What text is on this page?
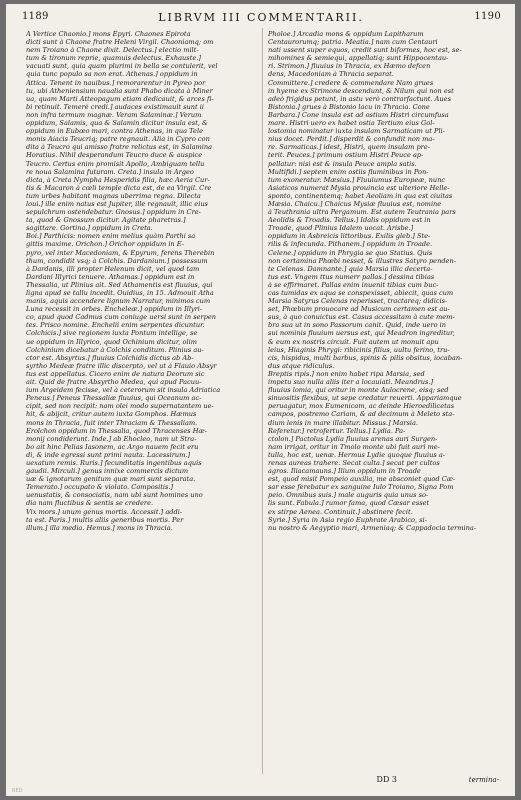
1189	LIBRVM III COMMENTARII.	1190

A Vertice Chaonio.] mons Epyri. Chaones Epirota

dicti sunt à Chaone fratre Heleni Virgil. Chaoniamq; om

nem Troiano à Chaone dixit. Delectus.] electio milt-

tum & tironum reprie, quamuis delectus. Exhauste.]

vacuati sunt, quia quam plurimi in bella se contulerit, vel

quia tunc populo sa non erat. Athenas.] oppidum in

Attica. Tenent in nauibus.] remorarentur in Pyreo por

tu, ubi Atheniensium naualia sunt Phabo dicata à Miner

ua, quam Marti Atteopagum etiam dedicauit, & arces fi-

bi retinuit. Temerè credi.] audaces existimauit sunt ii

non infra termum magnæ. Veram Salaminæ.] Verum

oppidum, Salamis, qua & Salamin dicitur insula est, &

oppidum in Eubœo mari, contra Athenas, in qua Tele

monis Aiacis Teucriq; patre regnauit. Alia in Cypro con

dita à Teucro qui amisso fratre relictus est, in Salamina

Horatius. Nihil desperandum Teucro duce & auspice

Teucro. Certus enim promisit Apollo, Ambiguam tellu

re noua Salamina futuram. Creta.] insula in Argeo

dicta, à Creta Nympha Hesperidis filia, hæc Aeria Cur-

tis & Macaron à cœli temple dicta est, de ea Virgil. Cre

tum urbes habitant magnas uberrima regna. Dilecta

loui.] ille enim natus est Jupiter, ille regnauit, illic eius

sepulchrum ostendebatur. Gnosus.] oppidum in Cre-

ta, quod & Gnossum dicitur. Agitate pharetras.]

sagittare. Gortina.] oppidum in Creta.

Boi.] Parthicis: nomen enim melius quàm Parthi sa

gittis maxime. Orichon.] Orichor oppidum in E-

pyro, vel inter Macedoniam, & Epyrum, ferens Therebin

thum, condidit vsq; à Colchis. Dardanium.] possessum

à Dardanis, illi propter Helenum dicit, vel quod tam

Dardani Illyrici tenuere. Athamas.] oppidum est in

Thessalia, ut Plinius ait. Sed Athamentis est fluuius, qui

ligna apud se tallu incedit. Ouidius, in 15. Admouit Atha

manis, aquis accendere lignum Narratur, minimos cum

Luna recessit in orbes. Encheleæ.] oppidum in Illyri-

co, apud quod Cadmus cum coniuge uersi sunt in serpen

tes. Prisco nomine. Enchelii enim serpentes dicuntur.

Colchicis.] sive regionem iuxta Pontum intellige, se

ue oppidum in Illyrico, quod Ochinium dicitur, olim

Colchinium dicebatur à Colchis conditum. Plinius au-

ctor est. Absyrtus.] fluuius Colchidis dictus ab Ab-

syrtho Medeæ fratre illic discerpto, vel ut à Flauio Absyr

tus est appellatus. Cicero enim de natura Deorum sic

ait. Quid de fratre Absyrtho Medea, qui apud Pacuu-

ium Argeidem fecisse, vel à ceterorum sit insula Adriatica

Peneus.] Peneus Thessaliæ fluuius, qui Oceanum ac-

cipit, sed non recipit: nam olei modo supernatantem ue-

hit, & abijcit, critur autem iuxta Gomphos. Hæmus

mons in Thracia, fuit inter Thraciam & Thessaliam.

Erolchon oppidum in Thessalia, quod Thracenses Hæ-

monij condiderunt. Inde.] ab Ehocleo, nam ut Stra-

bo ait hinc Pelias Iasonem, ac Argo nauem fecit eru

di, & inde egressi sunt primi nauta. Lacessirum.]

uexatum remis. Ruris.] fecunditatis ingentibus aquis

gaudii. Mirculi.] genus innixe commercis dictum

uæ & ignotarum genitum quæ mari sunt separata.

Temerato.] occupato & violato. Compositis.]

uenustatis, & consociatis, nam ubi sunt homines uno

dia nam fluctibus & sentis se credere.

Vix mors.] unum genus mortis. Accessit.] addi-

ta est. Paris.] multis aliis generibus mortis. Per

illum.] illa media. Hemus.] mons in Thracia.

Pholoe.] Arcadia mons & oppidum Lapitharum

Centaurorumq; patria. Meatia.] nam cum Centauri

nati ussent super equos, credit sunt biformes, hoc est, se-

mihomines & semiequi, appellatiq; sunt Hippocentau-

ri. Strimon.] fluuius in Thracia, ex Hæmo defcen

dens, Macedoniam à Thracia separat.

Committere.] credere & commendare Nam grues

in hyeme ex Strimone descendunt, & Nilum qui non est

adeò frigidus petunt, in astu verò contrarfactunt. Aues

Bistonia.] grues à Bistonio lacu in Thracia. Cone

Barbara.] Cone insula est ad ostium Histri circumfusa

mare. Histri uero ex habet ostia Tertium eius Gol-

lostomia nominatur iuxta insulam Sarmaticam ut Pli-

nius docet. Perdit.] disperdit & confundit non ma-

re. Sarmaticas.] idest, Histri, quem insulam pre-

terit. Peuces.] primum ostium Histri Peuce ap-

pellatur: nisi est & insula Peuce ampla satis.

Multifidi.] septem enim ostiis fluminibus in Pon-

tum exoneratur. Mæsius.] Fluuiumus Europeæ, nunc

Asiaticos numerat Mysia prouincia est ulteriore Helle-

sponto, continentemq; habet Aeoliam in qua est ciuitas

Mæsia. Chaicu.] Chaicus Mysiæ fluuius est, nomine

à Teuthrania ultra Pergamum. Est autem Teutrania pars

Aeolidis & Troadis. Tellus.] Idalis oppidum est in

Troade, quod Plinius Idalem uocat. Arisbe.]

oppidum in Asbreicis littoribus. Exilis gleb.] Ste-

rilis & infecunda. Pithanem.] oppidum in Troade.

Celene.] oppidum in Phrygia se quo Statius. Quis

non certamina Phœbi nesset, & illustres Satyro penden-

te Celenas. Damnante.] quia Marsia illic decerta-

tus est. Vngem ttus numerr pallas.] dessina tibias

à se effirmaret. Pallas enim inuenit tibias cum buc-

cas tumidas ex aqua se conspexisset, abiecit, quas cum

Marsia Satyrus Celenas reperisset, tractareq; didicis-

set, Phœbum prouocare ad Musicum certamen est au-

sus, à quo conuictus est. Casus accessitam à cute mem-

bra sua ut in sono Passorum canit. Quid, inde uero in

sui nominis fluuium uersus est, qui Meadron ingreditur,

& eum ex nostris circuit. Fuit autem ut monuit apu

leius, Hiaginis Phrygi: ribicinis filius, uultu ferino, tru-

cis, hispidus, multi barbus, spinis & pilis obsitus, iocaban-

dus atque ridiculus.

Breptis ripis.] non enim habet ripa Marsia, sed

impetu suo nulla aliis iter a locauiati. Meandrus.]

fluuius lomia, qui oritur in monte Aulocrene, eisq; sed

sinuositis flexibus, ut sepe credatur reuerti. Appariamque

peruagatur, mox Eumenicam, ac deinde Hieroedilicetas

campos, postremo Cariam, & ad decimum à Meleto sta-

dium lenis in mare illabitur. Missus.] Marsia.

Referetur.] retrofertur. Tellus.] Lydia. Pa-

ctolon.] Pactolus Lydia fluuius arenas auri Surgen-

nam irrigat, oritur in Tmolo monte ubi fuit auri me-

tulla, hoc est, uenæ. Hermus Lydie quoque fluuius a-

renas aureas trahere. Secat culta.] secat per cultos

agros. Iliacamauns.] Ilium oppidum in Troade

est, quod misit Pompeio auxilia, me absconiet quod Cæ-

sar esse ferebatur ex sanguine Iulo Troiano, Signa Pom

peio. Omnibus suis.] male auguris quia unus so-

lis sunt. Fabula.] rumor fama, quod Cæsar esset

ex stirpe Aenea. Continuit.] abstinere fecit.

Syrie.] Syria in Asia regio Euphrate Arabico, si-

nu nostro & Aegyptio mari, Armeniaq; & Cappadocia termina-

DD 3	termina-
RED
